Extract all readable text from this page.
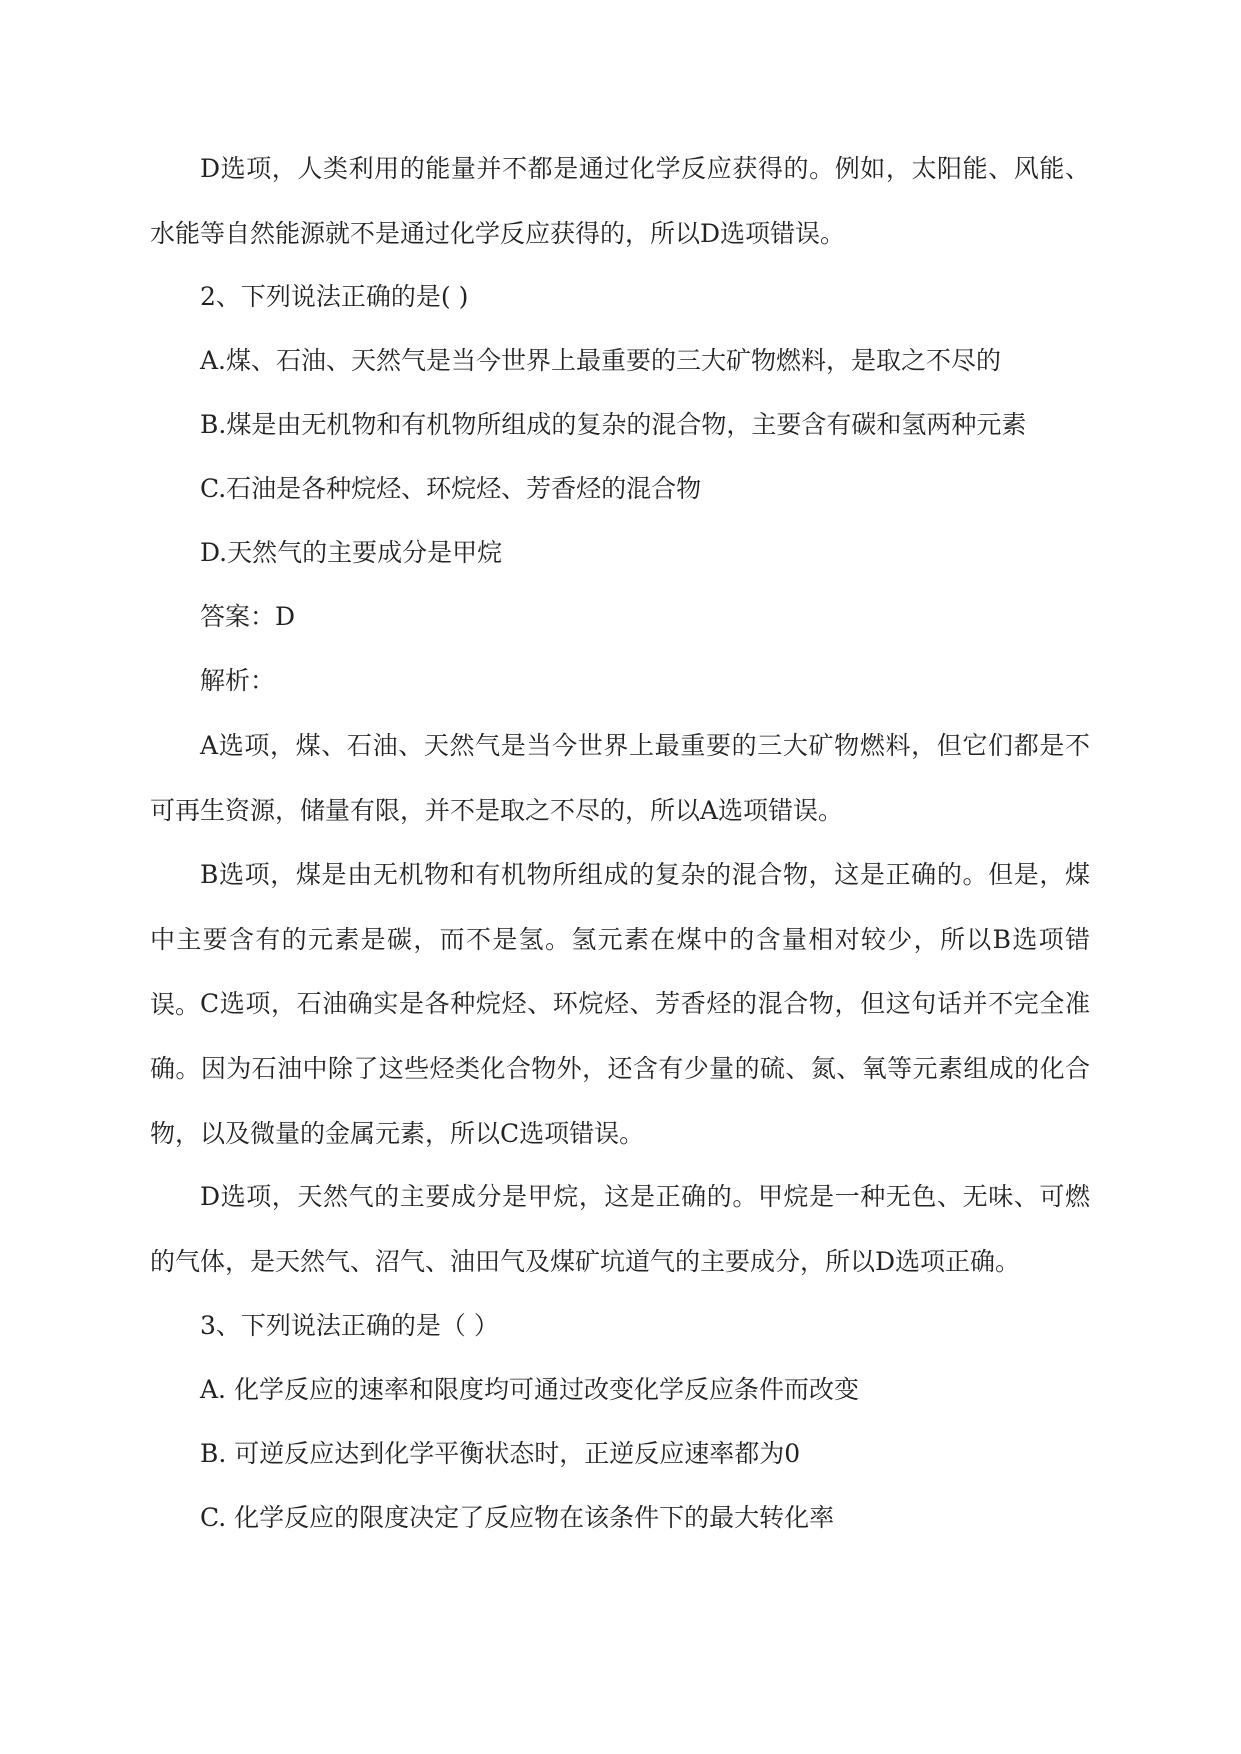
D选项，人类利用的能量并不都是通过化学反应获得的。例如，太阳能、风能、水能等自然能源就不是通过化学反应获得的，所以D选项错误。

2、下列说法正确的是( )

A.煤、石油、天然气是当今世界上最重要的三大矿物燃料，是取之不尽的

B.煤是由无机物和有机物所组成的复杂的混合物，主要含有碳和氢两种元素

C.石油是各种烷烃、环烷烃、芳香烃的混合物

D.天然气的主要成分是甲烷

答案：D

解析：

A选项，煤、石油、天然气是当今世界上最重要的三大矿物燃料，但它们都是不可再生资源，储量有限，并不是取之不尽的，所以A选项错误。

B选项，煤是由无机物和有机物所组成的复杂的混合物，这是正确的。但是，煤中主要含有的元素是碳，而不是氢。氢元素在煤中的含量相对较少，所以B选项错误。 C选项，石油确实是各种烷烃、环烷烃、芳香烃的混合物，但这句话并不完全准确。因为石油中除了这些烃类化合物外，还含有少量的硫、氮、氧等元素组成的化合物，以及微量的金属元素，所以C选项错误。

D选项，天然气的主要成分是甲烷，这是正确的。甲烷是一种无色、无味、可燃的气体，是天然气、沼气、油田气及煤矿坑道气的主要成分，所以D选项正确。

3、下列说法正确的是（ ）

A. 化学反应的速率和限度均可通过改变化学反应条件而改变

B. 可逆反应达到化学平衡状态时，正逆反应速率都为0

C. 化学反应的限度决定了反应物在该条件下的最大转化率
